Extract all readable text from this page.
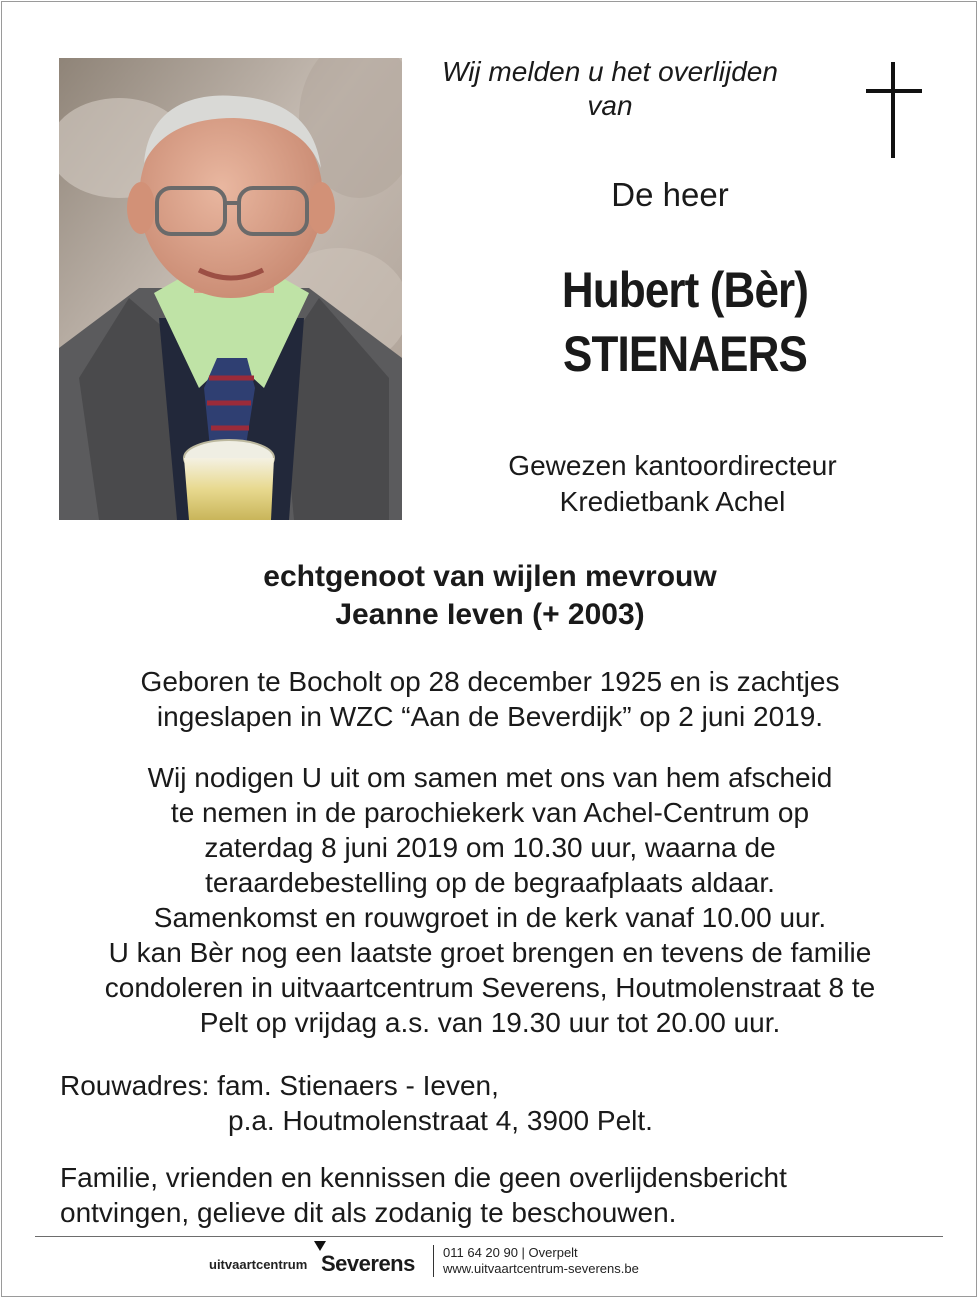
Wij melden u het overlijden
van
De heer
Hubert (Bèr)
STIENAERS
Gewezen kantoordirecteur
Kredietbank Achel
echtgenoot van wijlen mevrouw
Jeanne Ieven (+ 2003)
Geboren te Bocholt op 28 december 1925 en is zachtjes
ingeslapen in WZC “Aan de Beverdijk” op 2 juni 2019.
Wij nodigen U uit om samen met ons van hem afscheid
te nemen in de parochiekerk van Achel-Centrum op
zaterdag 8 juni 2019 om 10.30 uur, waarna de
teraardebestelling op de begraafplaats aldaar.
Samenkomst en rouwgroet in de kerk vanaf 10.00 uur.
U kan Bèr nog een laatste groet brengen en tevens de familie
condoleren in uitvaartcentrum Severens, Houtmolenstraat 8 te
Pelt op vrijdag a.s. van 19.30 uur tot 20.00 uur.
Rouwadres: fam. Stienaers - Ieven,
p.a. Houtmolenstraat 4, 3900 Pelt.
Familie, vrienden en kennissen die geen overlijdensbericht
ontvingen, gelieve dit als zodanig te beschouwen.
uitvaartcentrum Severens 011 64 20 90 | Overpelt
www.uitvaartcentrum-severens.be
